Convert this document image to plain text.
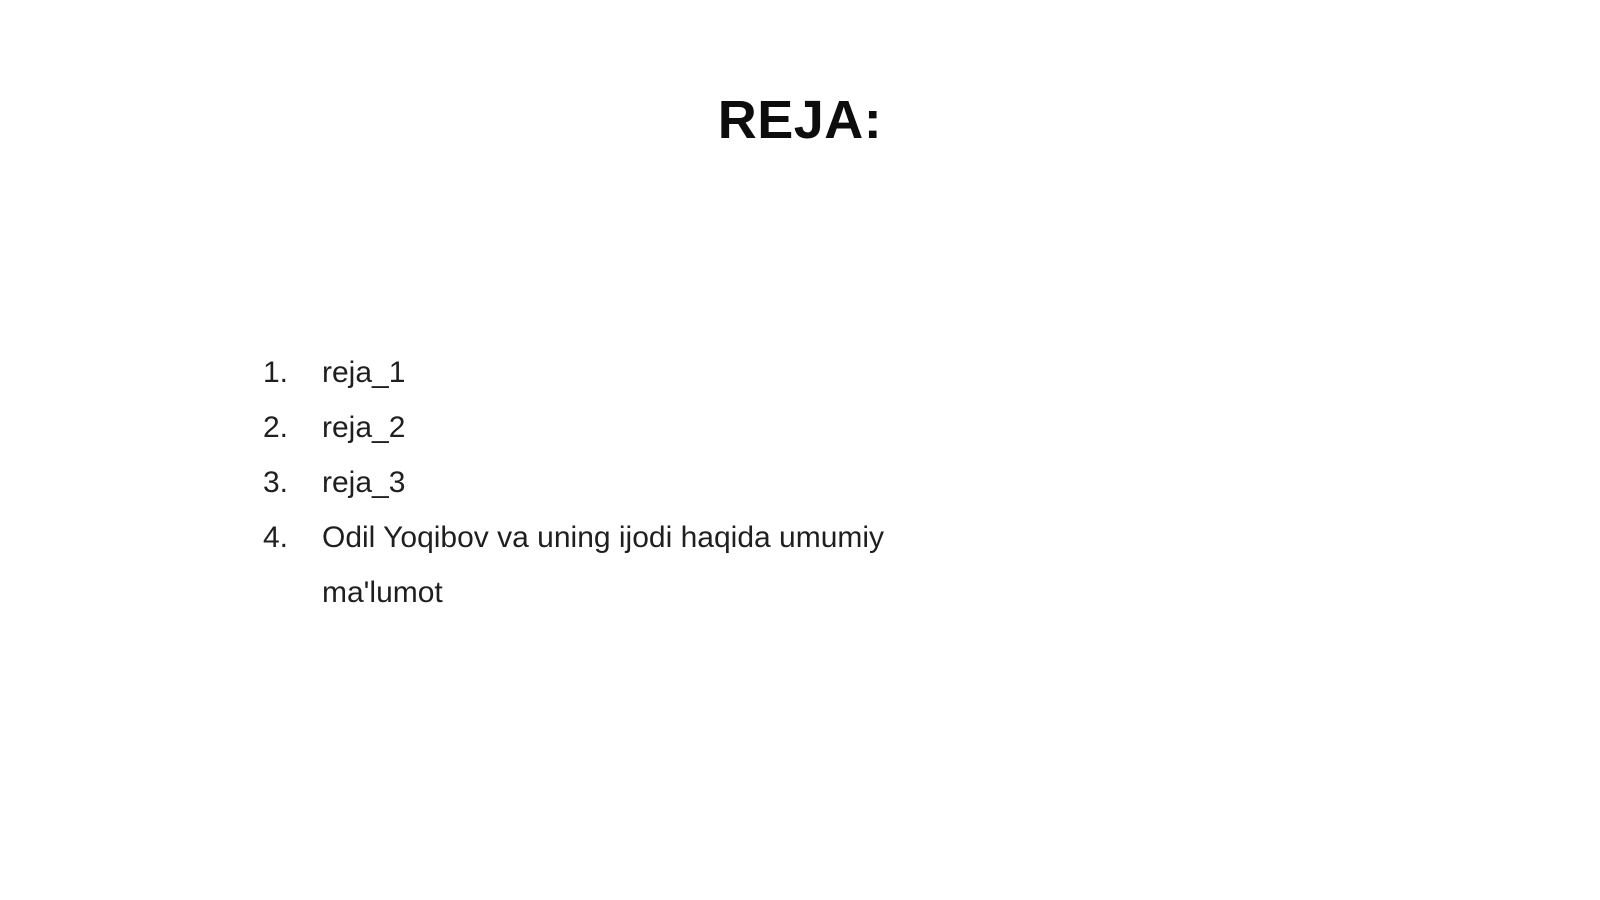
REJA:
1.	reja_1
2.	reja_2
3.	reja_3
4.	Odil Yoqibov va uning ijodi haqida umumiy ma'lumot
